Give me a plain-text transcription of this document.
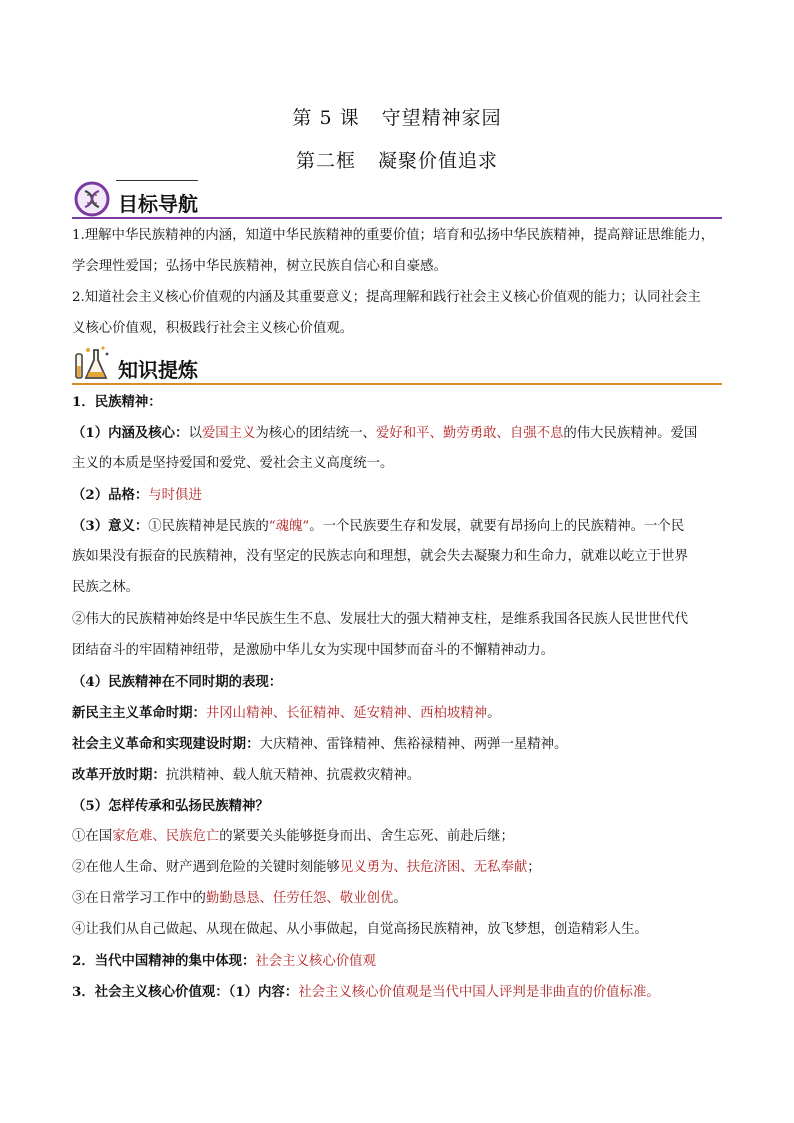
第 5 课 守望精神家园
第二框 凝聚价值追求
目标导航
1.理解中华民族精神的内涵，知道中华民族精神的重要价值；培育和弘扬中华民族精神，提高辩证思维能力，
学会理性爱国；弘扬中华民族精神，树立民族自信心和自豪感。
2.知道社会主义核心价值观的内涵及其重要意义；提高理解和践行社会主义核心价值观的能力；认同社会主
义核心价值观，积极践行社会主义核心价值观。
知识提炼
1．民族精神：
（1）内涵及核心：以爱国主义为核心的团结统一、爱好和平、勤劳勇敢、自强不息的伟大民族精神。爱国
主义的本质是坚持爱国和爱党、爱社会主义高度统一。
（2）品格：与时俱进
（3）意义：①民族精神是民族的“魂魄”。一个民族要生存和发展，就要有昂扬向上的民族精神。一个民
族如果没有振奋的民族精神，没有坚定的民族志向和理想，就会失去凝聚力和生命力，就难以屹立于世界
民族之林。
②伟大的民族精神始终是中华民族生生不息、发展壮大的强大精神支柱，是维系我国各民族人民世世代代
团结奋斗的牢固精神纽带，是激励中华儿女为实现中国梦而奋斗的不懈精神动力。
（4）民族精神在不同时期的表现：
新民主主义革命时期：井冈山精神、长征精神、延安精神、西柏坡精神。
社会主义革命和实现建设时期：大庆精神、雷锋精神、焦裕禄精神、两弹一星精神。
改革开放时期：抗洪精神、载人航天精神、抗震救灾精神。
（5）怎样传承和弘扬民族精神？
①在国家危难、民族危亡的紧要关头能够挺身而出、舍生忘死、前赴后继；
②在他人生命、财产遇到危险的关键时刻能够见义勇为、扶危济困、无私奉献；
③在日常学习工作中的勤勤恳恳、任劳任怨、敬业创优。
④让我们从自己做起、从现在做起、从小事做起，自觉高扬民族精神，放飞梦想，创造精彩人生。
2．当代中国精神的集中体现：社会主义核心价值观
3．社会主义核心价值观：（1）内容：社会主义核心价值观是当代中国人评判是非曲直的价值标准。
